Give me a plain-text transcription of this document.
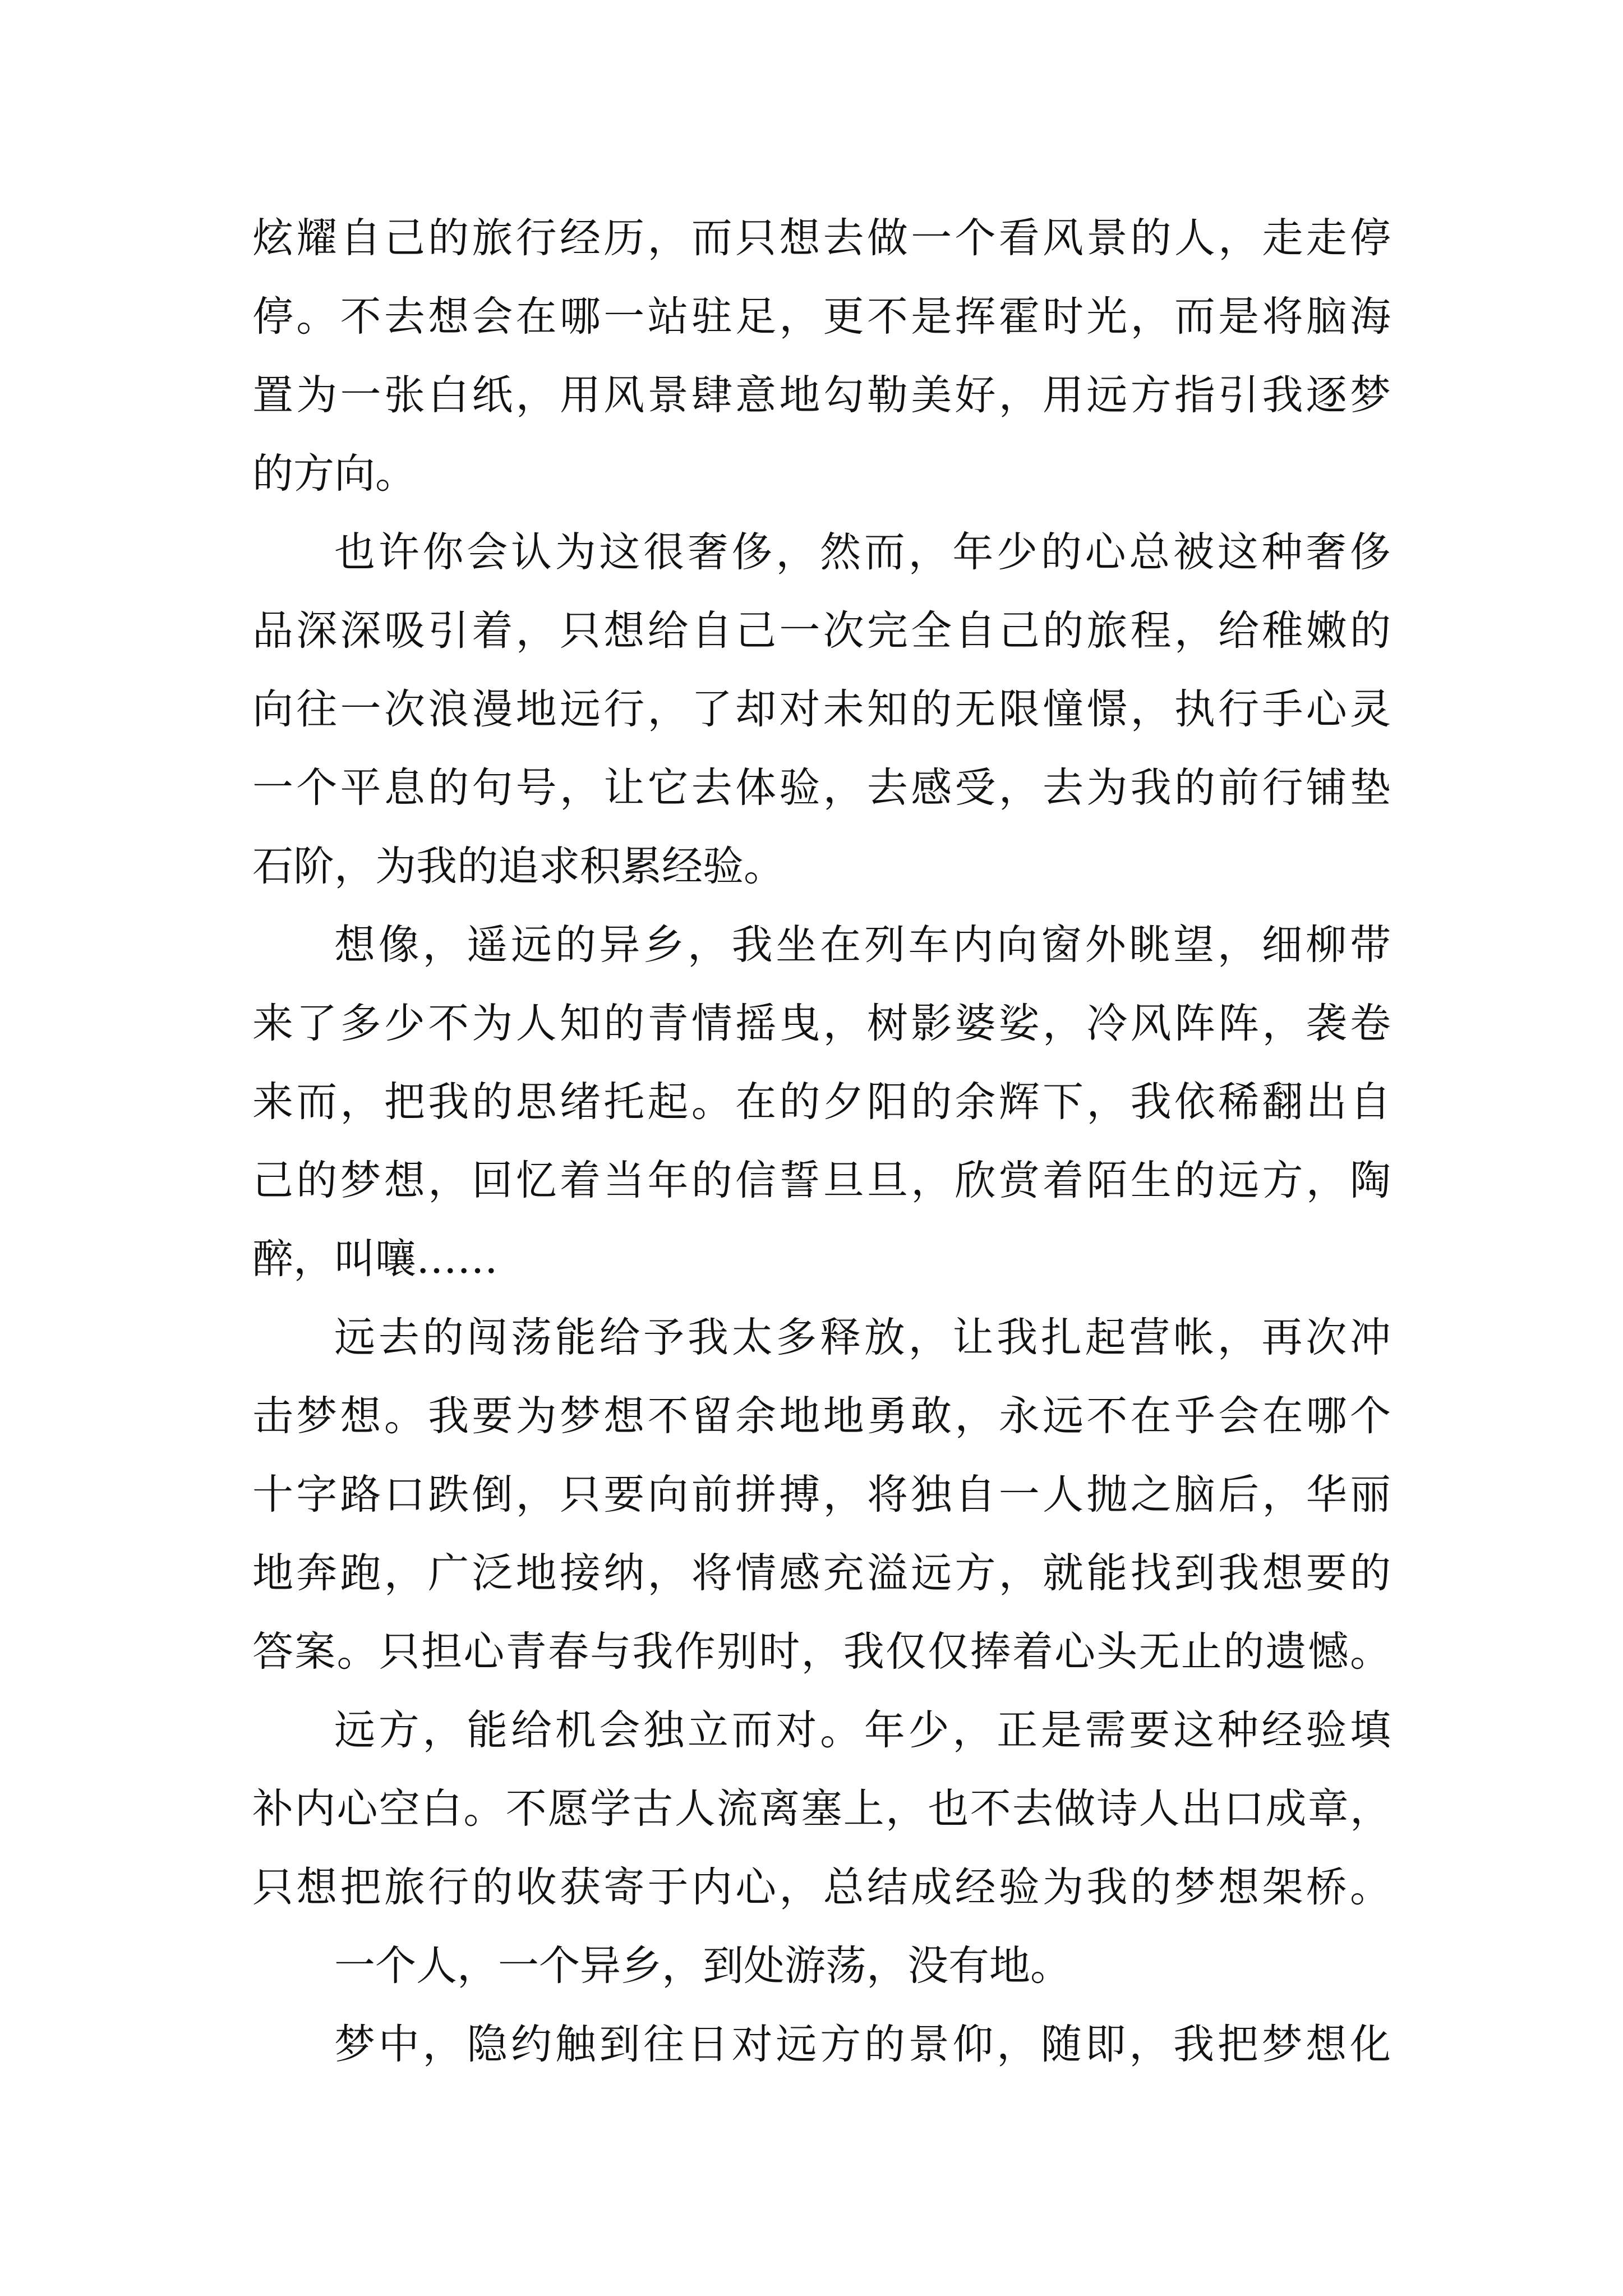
炫耀自己的旅行经历，而只想去做一个看风景的人，走走停
停。不去想会在哪一站驻足，更不是挥霍时光，而是将脑海
置为一张白纸，用风景肆意地勾勒美好，用远方指引我逐梦
的方向。
也许你会认为这很奢侈，然而，年少的心总被这种奢侈
品深深吸引着，只想给自己一次完全自己的旅程，给稚嫩的
向往一次浪漫地远行，了却对未知的无限憧憬，执行手心灵
一个平息的句号，让它去体验，去感受，去为我的前行铺垫
石阶，为我的追求积累经验。
想像，遥远的异乡，我坐在列车内向窗外眺望，细柳带
来了多少不为人知的青情摇曳，树影婆娑，冷风阵阵，袭卷
来而，把我的思绪托起。在的夕阳的余辉下，我依稀翻出自
己的梦想，回忆着当年的信誓旦旦，欣赏着陌生的远方，陶
醉，叫嚷……
远去的闯荡能给予我太多释放，让我扎起营帐，再次冲
击梦想。我要为梦想不留余地地勇敢，永远不在乎会在哪个
十字路口跌倒，只要向前拼搏，将独自一人抛之脑后，华丽
地奔跑，广泛地接纳，将情感充溢远方，就能找到我想要的
答案。只担心青春与我作别时，我仅仅捧着心头无止的遗憾。
远方，能给机会独立而对。年少，正是需要这种经验填
补内心空白。不愿学古人流离塞上，也不去做诗人出口成章，
只想把旅行的收获寄于内心，总结成经验为我的梦想架桥。
一个人，一个异乡，到处游荡，没有地。
梦中，隐约触到往日对远方的景仰，随即，我把梦想化
